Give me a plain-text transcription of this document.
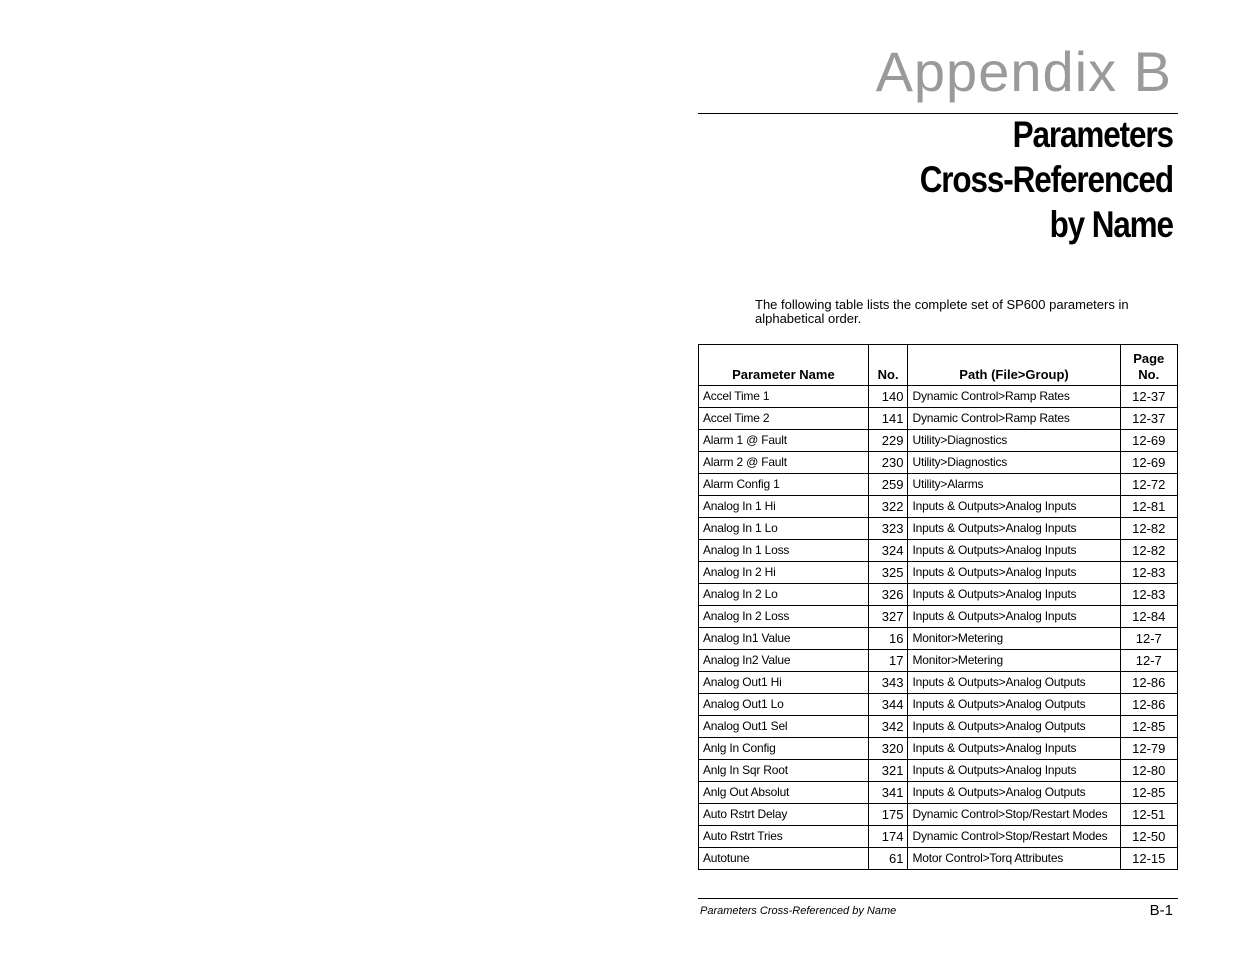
Appendix B
Parameters
Cross-Referenced
by Name
The following table lists the complete set of SP600 parameters in alphabetical order.
Parameter Name	No.	Path (File>Group)	Page No.
Accel Time 1	140	Dynamic Control>Ramp Rates	12-37
Accel Time 2	141	Dynamic Control>Ramp Rates	12-37
Alarm 1 @ Fault	229	Utility>Diagnostics	12-69
Alarm 2 @ Fault	230	Utility>Diagnostics	12-69
Alarm Config 1	259	Utility>Alarms	12-72
Analog In 1 Hi	322	Inputs & Outputs>Analog Inputs	12-81
Analog In 1 Lo	323	Inputs & Outputs>Analog Inputs	12-82
Analog In 1 Loss	324	Inputs & Outputs>Analog Inputs	12-82
Analog In 2 Hi	325	Inputs & Outputs>Analog Inputs	12-83
Analog In 2 Lo	326	Inputs & Outputs>Analog Inputs	12-83
Analog In 2 Loss	327	Inputs & Outputs>Analog Inputs	12-84
Analog In1 Value	16	Monitor>Metering	12-7
Analog In2 Value	17	Monitor>Metering	12-7
Analog Out1 Hi	343	Inputs & Outputs>Analog Outputs	12-86
Analog Out1 Lo	344	Inputs & Outputs>Analog Outputs	12-86
Analog Out1 Sel	342	Inputs & Outputs>Analog Outputs	12-85
Anlg In Config	320	Inputs & Outputs>Analog Inputs	12-79
Anlg In Sqr Root	321	Inputs & Outputs>Analog Inputs	12-80
Anlg Out Absolut	341	Inputs & Outputs>Analog Outputs	12-85
Auto Rstrt Delay	175	Dynamic Control>Stop/Restart Modes	12-51
Auto Rstrt Tries	174	Dynamic Control>Stop/Restart Modes	12-50
Autotune	61	Motor Control>Torq Attributes	12-15
Parameters Cross-Referenced by Name	B-1
